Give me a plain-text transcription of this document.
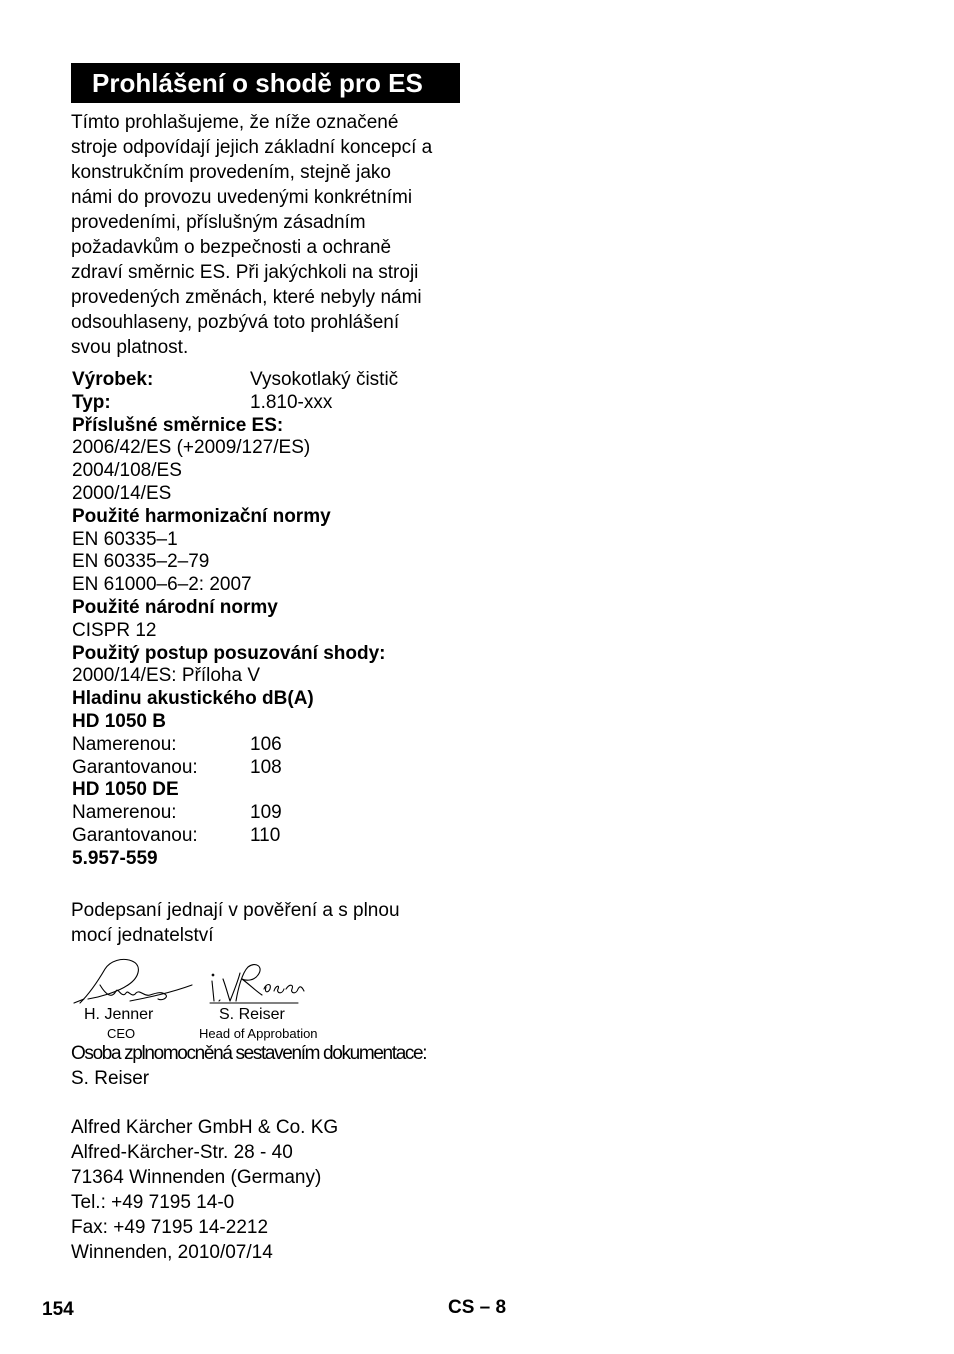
Prohlášení o shodě pro ES
Tímto prohlašujeme, že níže označené
stroje odpovídají jejich základní koncepcí a
konstrukčním provedením, stejně jako
námi do provozu uvedenými konkrétními
provedeními, příslušným zásadním
požadavkům o bezpečnosti a ochraně
zdraví směrnic ES. Při jakýchkoli na stroji
provedených změnách, které nebyly námi
odsouhlaseny, pozbývá toto prohlášení
svou platnost.
Výrobek:	Vysokotlaký čistič
Typ:	1.810-xxx
Příslušné směrnice ES:
2006/42/ES (+2009/127/ES)
2004/108/ES
2000/14/ES
Použité harmonizační normy
EN 60335–1
EN 60335–2–79
EN 61000–6–2: 2007
Použité národní normy
CISPR 12
Použitý postup posuzování shody:
2000/14/ES: Příloha V
Hladinu akustického dB(A)
HD 1050 B
Namerenou:	106
Garantovanou:	108
HD 1050 DE
Namerenou:	109
Garantovanou:	110
5.957-559
Podepsaní jednají v pověření a s plnou
mocí jednatelství
H. Jenner	S. Reiser
CEO	Head of Approbation
Osoba zplnomocněná sestavením dokumentace:
S. Reiser
Alfred Kärcher GmbH & Co. KG
Alfred-Kärcher-Str. 28 - 40
71364 Winnenden (Germany)
Tel.: +49 7195 14-0
Fax: +49 7195 14-2212
Winnenden, 2010/07/14
154	CS – 8
